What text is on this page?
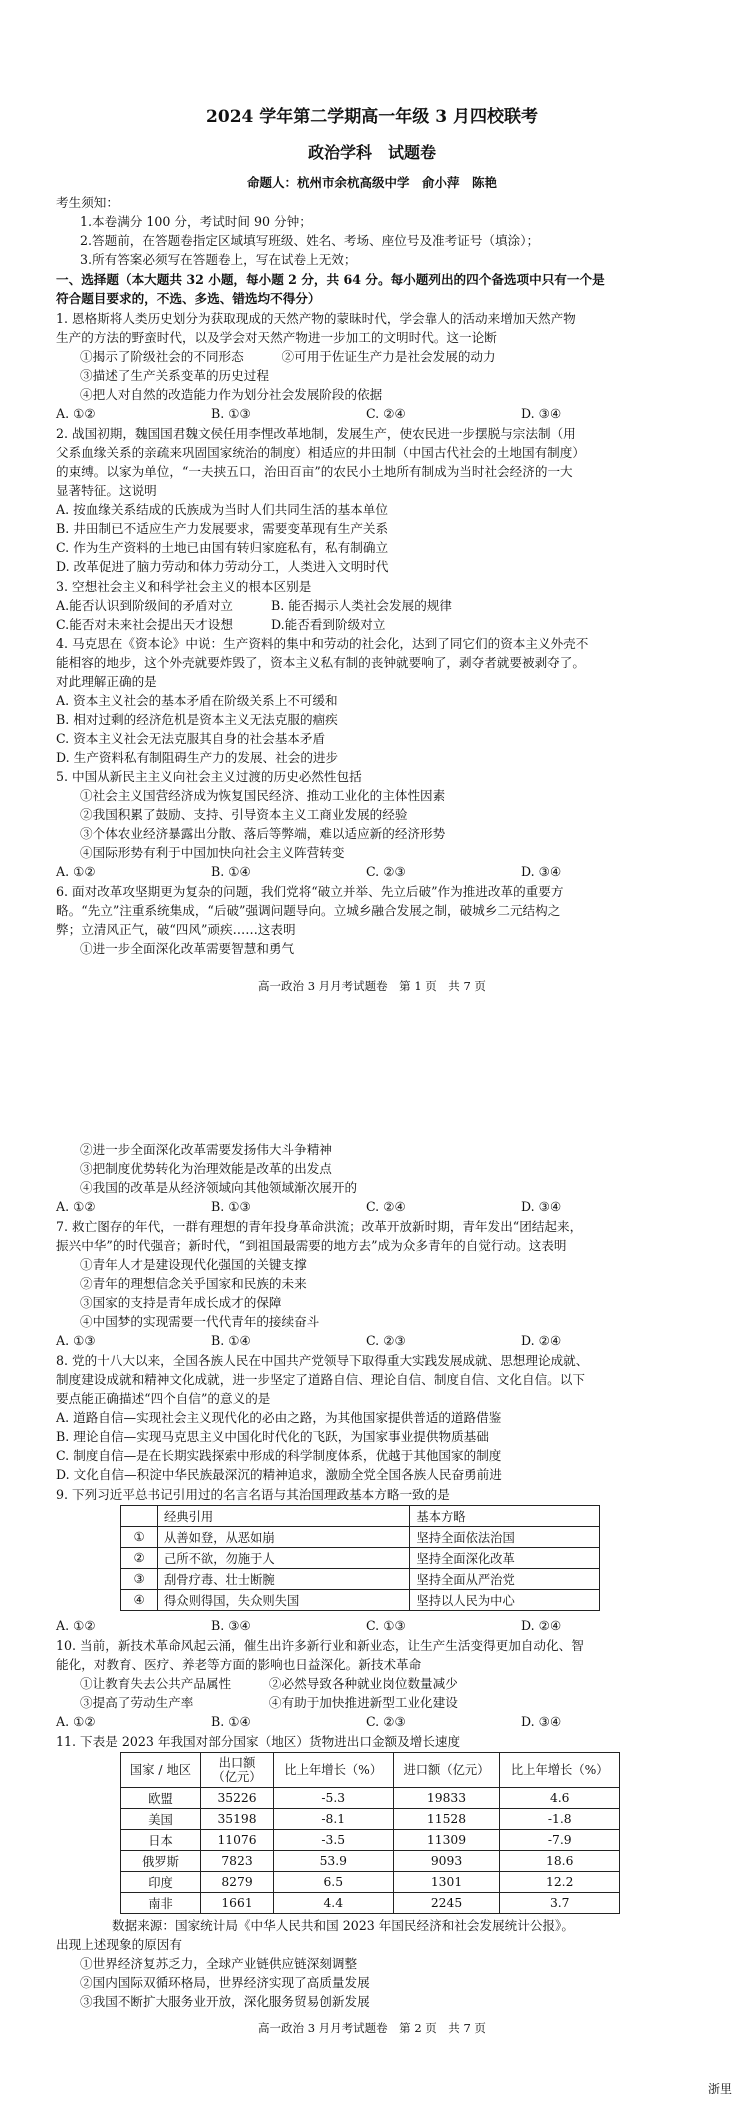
2024 学年第二学期高一年级 3 月四校联考
政治学科　试题卷
命题人：杭州市余杭高级中学　俞小萍　陈艳
考生须知：
1.本卷满分 100 分，考试时间 90 分钟；
2.答题前，在答题卷指定区域填写班级、姓名、考场、座位号及准考证号（填涂）；
3.所有答案必须写在答题卷上，写在试卷上无效；
一、选择题（本大题共 32 小题，每小题 2 分，共 64 分。每小题列出的四个备选项中只有一个是
符合题目要求的，不选、多选、错选均不得分）
1. 恩格斯将人类历史划分为获取现成的天然产物的蒙昧时代，学会靠人的活动来增加天然产物
生产的方法的野蛮时代，以及学会对天然产物进一步加工的文明时代。这一论断
①揭示了阶级社会的不同形态　　　②可用于佐证生产力是社会发展的动力
③描述了生产关系变革的历史过程
④把人对自然的改造能力作为划分社会发展阶段的依据
A. ①②	B. ①③	C. ②④	D. ③④
2. 战国初期，魏国国君魏文侯任用李悝改革地制，发展生产，使农民进一步摆脱与宗法制（用
父系血缘关系的亲疏来巩固国家统治的制度）相适应的井田制（中国古代社会的土地国有制度）
的束缚。以家为单位，“一夫挟五口，治田百亩”的农民小土地所有制成为当时社会经济的一大
显著特征。这说明
A. 按血缘关系结成的氏族成为当时人们共同生活的基本单位
B. 井田制已不适应生产力发展要求，需要变革现有生产关系
C. 作为生产资料的土地已由国有转归家庭私有，私有制确立
D. 改革促进了脑力劳动和体力劳动分工，人类进入文明时代
3. 空想社会主义和科学社会主义的根本区别是
A.能否认识到阶级间的矛盾对立	B. 能否揭示人类社会发展的规律
C.能否对未来社会提出天才设想	D.能否看到阶级对立
4. 马克思在《资本论》中说：生产资料的集中和劳动的社会化，达到了同它们的资本主义外壳不
能相容的地步，这个外壳就要炸毁了，资本主义私有制的丧钟就要响了，剥夺者就要被剥夺了。
对此理解正确的是
A. 资本主义社会的基本矛盾在阶级关系上不可缓和
B. 相对过剩的经济危机是资本主义无法克服的痼疾
C. 资本主义社会无法克服其自身的社会基本矛盾
D. 生产资料私有制阻碍生产力的发展、社会的进步
5. 中国从新民主主义向社会主义过渡的历史必然性包括
①社会主义国营经济成为恢复国民经济、推动工业化的主体性因素
②我国积累了鼓励、支持、引导资本主义工商业发展的经验
③个体农业经济暴露出分散、落后等弊端，难以适应新的经济形势
④国际形势有利于中国加快向社会主义阵营转变
A. ①②	B. ①④	C. ②③	D. ③④
6. 面对改革攻坚期更为复杂的问题，我们党将“破立并举、先立后破”作为推进改革的重要方
略。“先立”注重系统集成，“后破”强调问题导向。立城乡融合发展之制，破城乡二元结构之
弊；立清风正气，破“四风”顽疾……这表明
①进一步全面深化改革需要智慧和勇气
高一政治 3 月月考试题卷　第 1 页　共 7 页
②进一步全面深化改革需要发扬伟大斗争精神
③把制度优势转化为治理效能是改革的出发点
④我国的改革是从经济领域向其他领域渐次展开的
A. ①②	B. ①③	C. ②④	D. ③④
7. 救亡图存的年代，一群有理想的青年投身革命洪流；改革开放新时期，青年发出“团结起来，
振兴中华”的时代强音；新时代，“到祖国最需要的地方去”成为众多青年的自觉行动。这表明
①青年人才是建设现代化强国的关键支撑
②青年的理想信念关乎国家和民族的未来
③国家的支持是青年成长成才的保障
④中国梦的实现需要一代代青年的接续奋斗
A. ①③	B. ①④	C. ②③	D. ②④
8. 党的十八大以来，全国各族人民在中国共产党领导下取得重大实践发展成就、思想理论成就、
制度建设成就和精神文化成就，进一步坚定了道路自信、理论自信、制度自信、文化自信。以下
要点能正确描述“四个自信”的意义的是
A. 道路自信—实现社会主义现代化的必由之路，为其他国家提供普适的道路借鉴
B. 理论自信—实现马克思主义中国化时代化的飞跃，为国家事业提供物质基础
C. 制度自信—是在长期实践探索中形成的科学制度体系，优越于其他国家的制度
D. 文化自信—积淀中华民族最深沉的精神追求，激励全党全国各族人民奋勇前进
9. 下列习近平总书记引用过的名言名语与其治国理政基本方略一致的是
	经典引用	基本方略
①	从善如登，从恶如崩	坚持全面依法治国
②	己所不欲，勿施于人	坚持全面深化改革
③	刮骨疗毒、壮士断腕	坚持全面从严治党
④	得众则得国，失众则失国	坚持以人民为中心
A. ①②	B. ③④	C. ①③	D. ②④
10. 当前，新技术革命风起云涌，催生出许多新行业和新业态，让生产生活变得更加自动化、智
能化，对教育、医疗、养老等方面的影响也日益深化。新技术革命
①让教育失去公共产品属性　　　②必然导致各种就业岗位数量减少
③提高了劳动生产率　　　　　　④有助于加快推进新型工业化建设
A. ①②	B. ①④	C. ②③	D. ③④
11. 下表是 2023 年我国对部分国家（地区）货物进出口金额及增长速度
国家 / 地区	出口额（亿元）	比上年增长（%）	进口额（亿元）	比上年增长（%）
欧盟	35226	-5.3	19833	4.6
美国	35198	-8.1	11528	-1.8
日本	11076	-3.5	11309	-7.9
俄罗斯	7823	53.9	9093	18.6
印度	8279	6.5	1301	12.2
南非	1661	4.4	2245	3.7
数据来源：国家统计局《中华人民共和国 2023 年国民经济和社会发展统计公报》。
出现上述现象的原因有
①世界经济复苏乏力，全球产业链供应链深刻调整
②国内国际双循环格局，世界经济实现了高质量发展
③我国不断扩大服务业开放，深化服务贸易创新发展
高一政治 3 月月考试题卷　第 2 页　共 7 页
浙里
